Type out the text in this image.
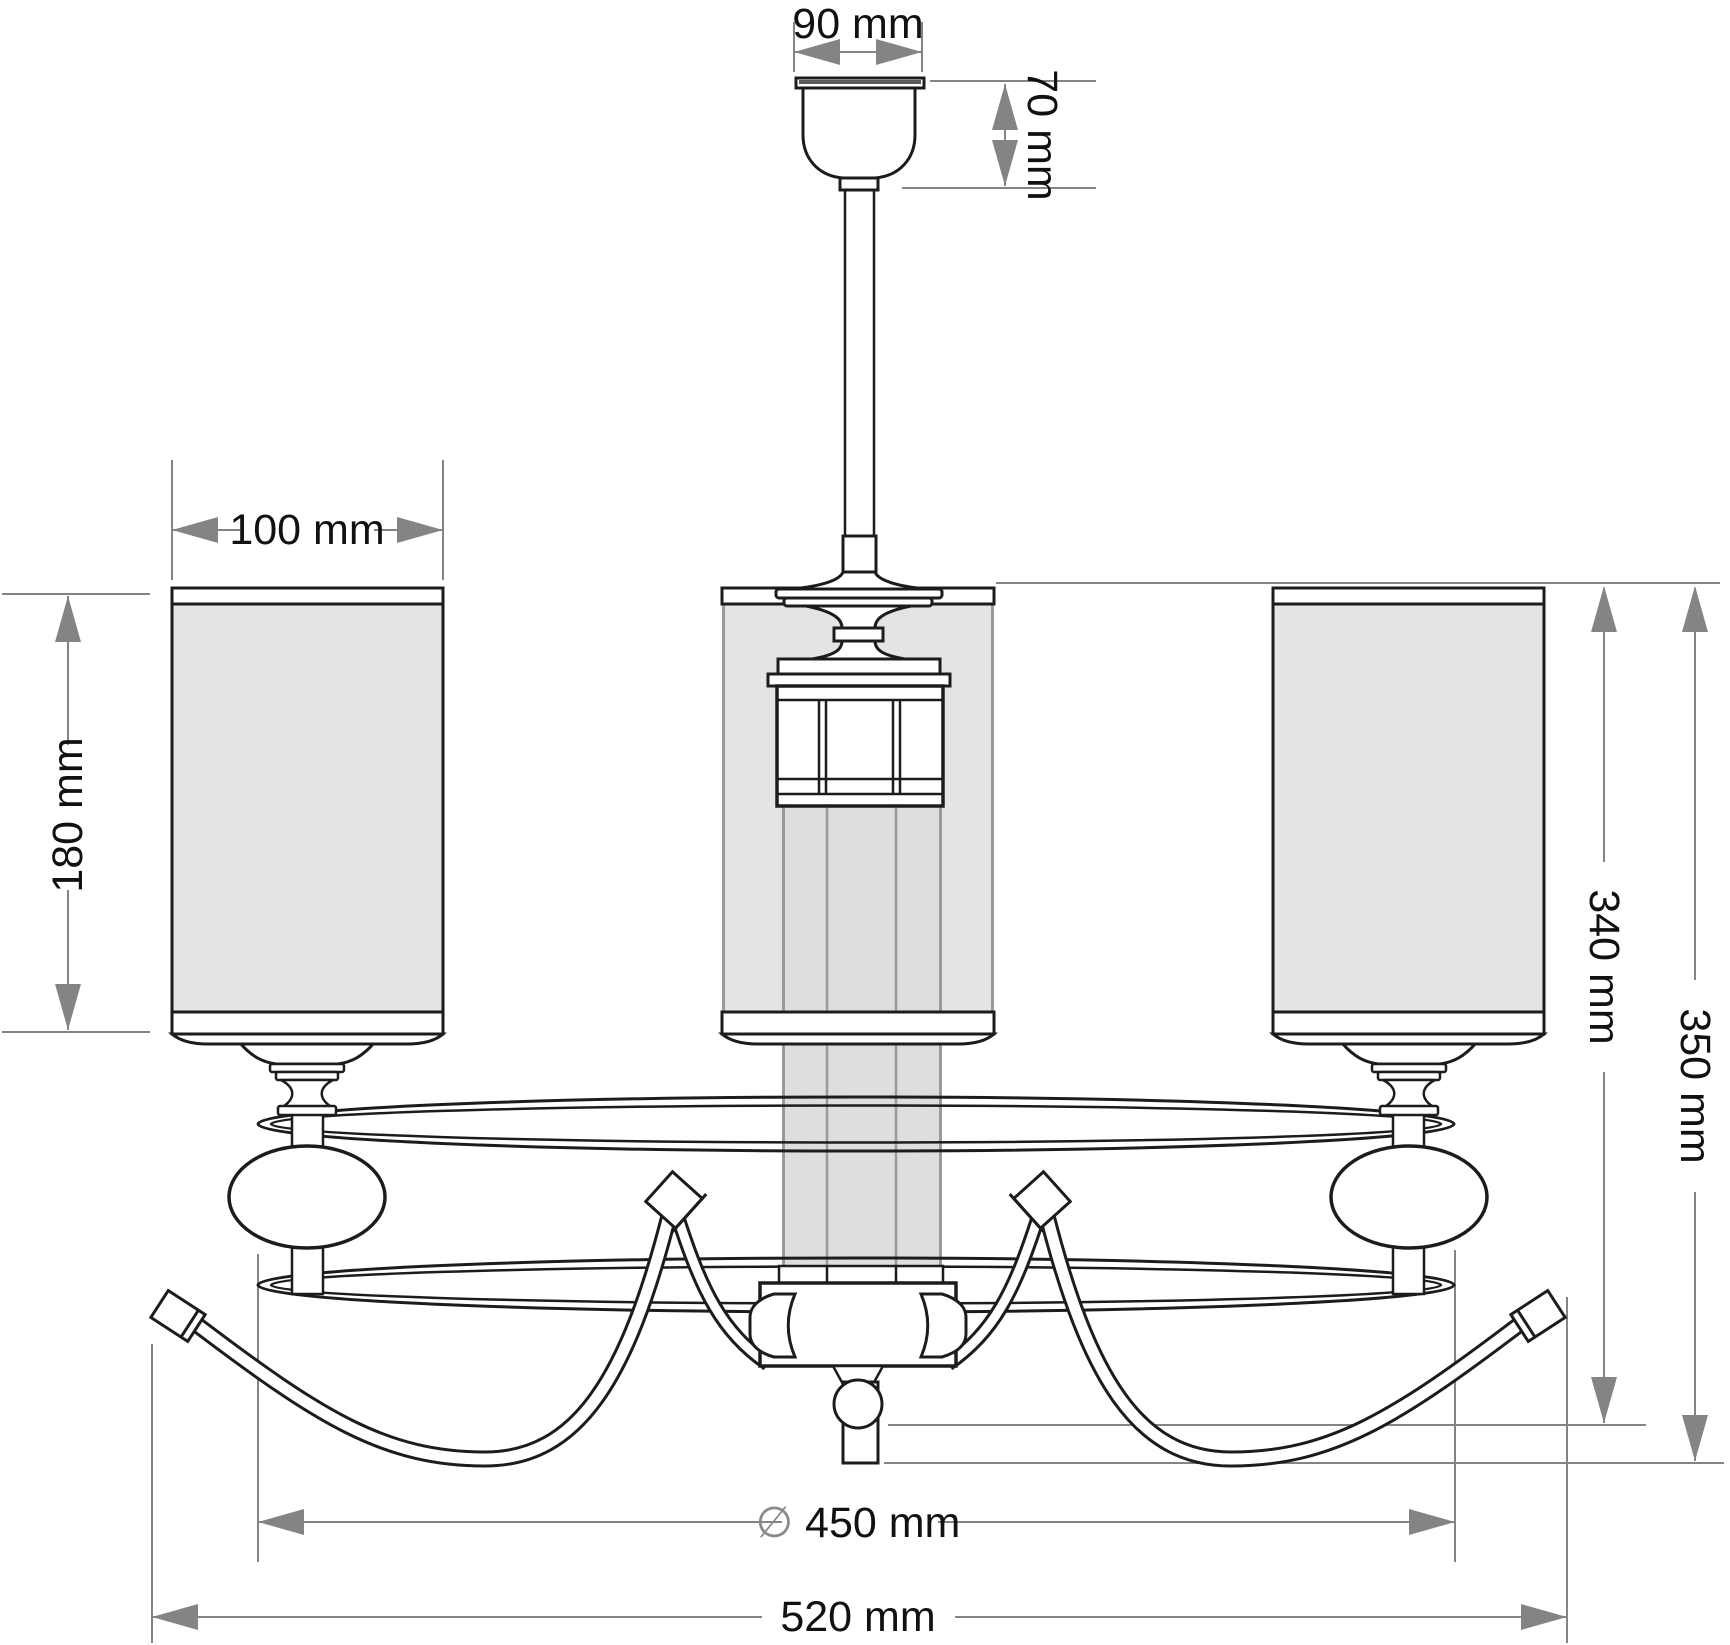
90 mm
70 mm
100 mm
180 mm
340 mm
350 mm
∅ 450 mm
520 mm
